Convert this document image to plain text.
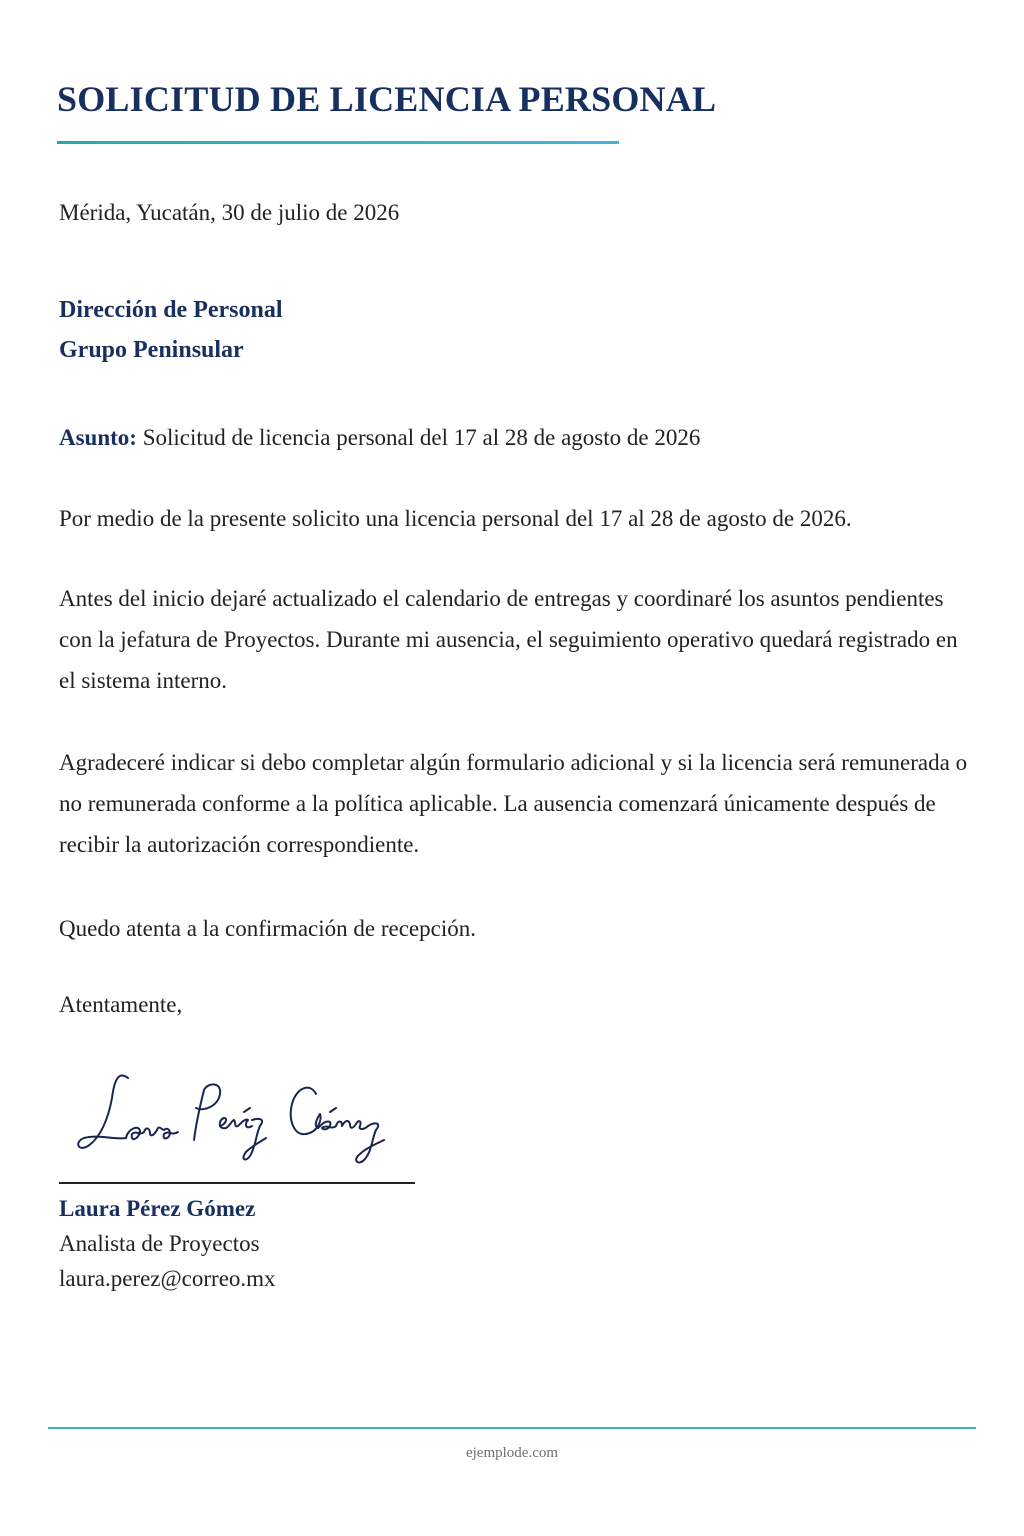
SOLICITUD DE LICENCIA PERSONAL
Mérida, Yucatán, 30 de julio de 2026
Dirección de Personal
Grupo Peninsular
Asunto: Solicitud de licencia personal del 17 al 28 de agosto de 2026

Por medio de la presente solicito una licencia personal del 17 al 28 de agosto de 2026.

Antes del inicio dejaré actualizado el calendario de entregas y coordinaré los asuntos pendientes con la jefatura de Proyectos. Durante mi ausencia, el seguimiento operativo quedará registrado en el sistema interno.

Agradeceré indicar si debo completar algún formulario adicional y si la licencia será remunerada o no remunerada conforme a la política aplicable. La ausencia comenzará únicamente después de recibir la autorización correspondiente.

Quedo atenta a la confirmación de recepción.

Atentamente,
Laura Pérez Gómez
Analista de Proyectos
laura.perez@correo.mx
ejemplode.com
